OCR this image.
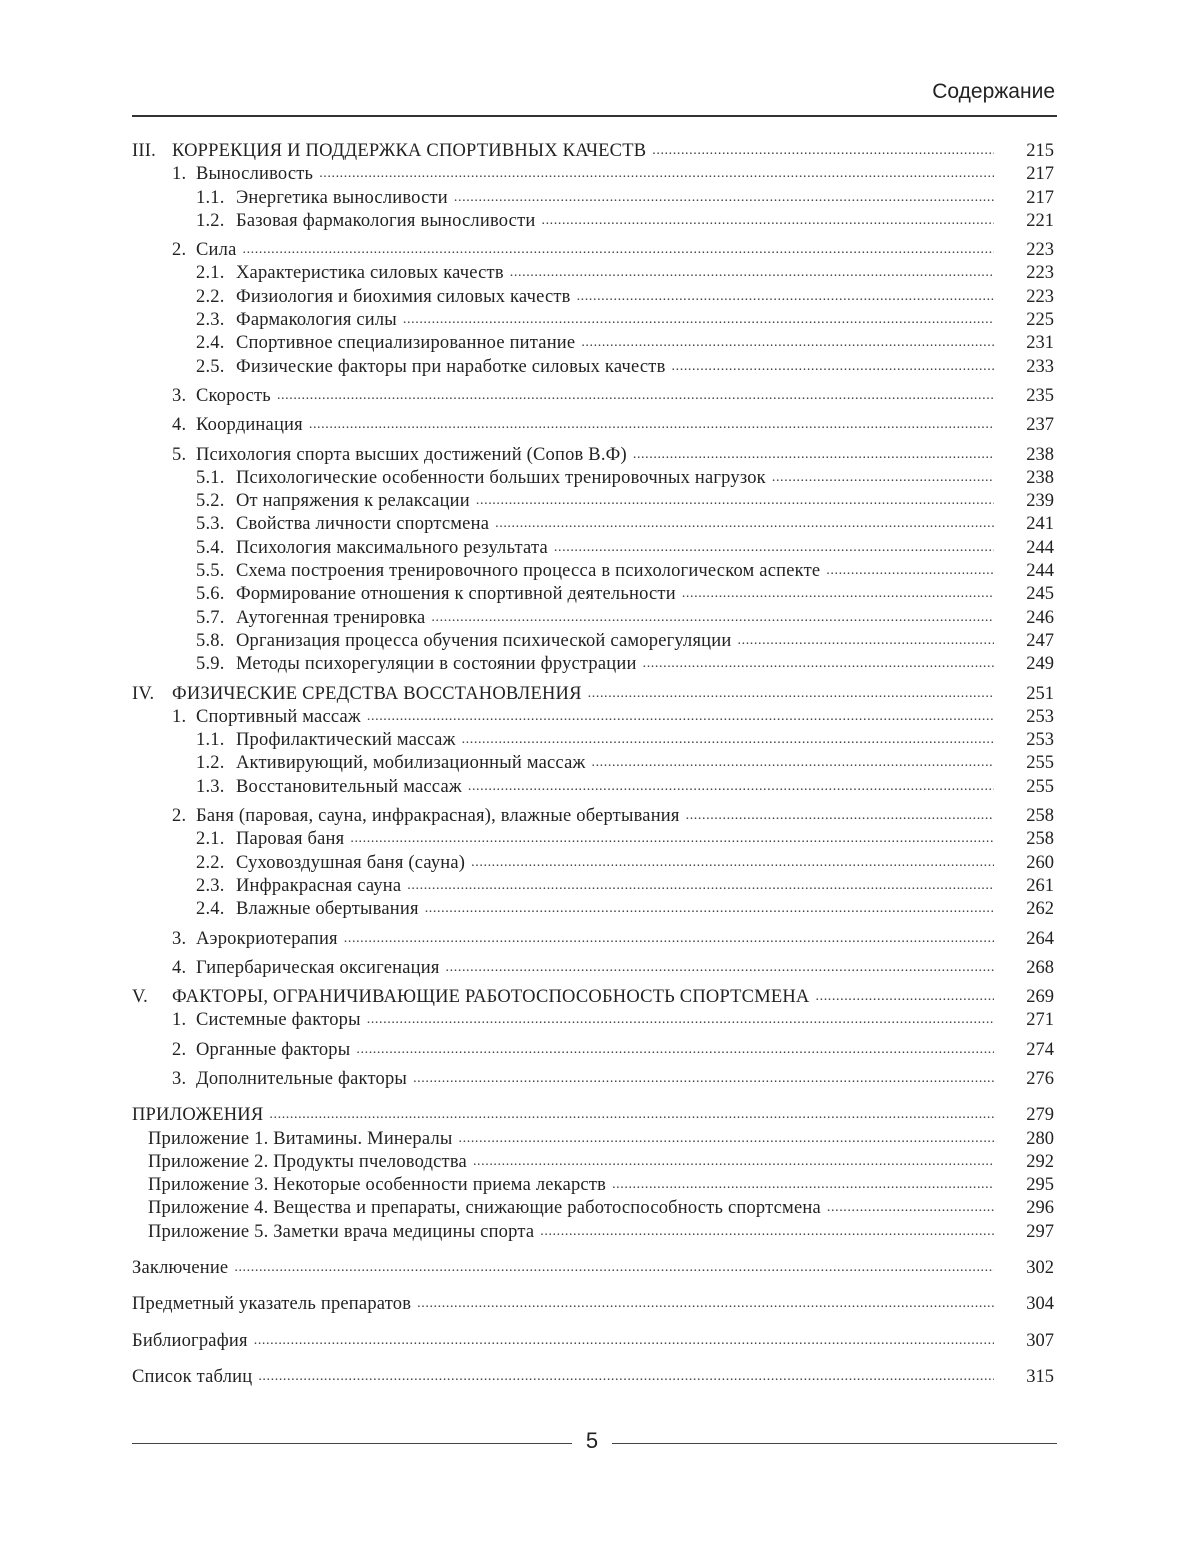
Содержание
III. КОРРЕКЦИЯ И ПОДДЕРЖКА СПОРТИВНЫХ КАЧЕСТВ .....	215
1. Выносливость .....	217
1.1. Энергетика выносливости .....	217
1.2. Базовая фармакология выносливости .....	221
2. Сила .....	223
2.1. Характеристика силовых качеств .....	223
2.2. Физиология и биохимия силовых качеств .....	223
2.3. Фармакология силы .....	225
2.4. Спортивное специализированное питание .....	231
2.5. Физические факторы при наработке силовых качеств .....	233
3. Скорость .....	235
4. Координация .....	237
5. Психология спорта высших достижений (Сопов В.Ф) .....	238
5.1. Психологические особенности больших тренировочных нагрузок .....	238
5.2. От напряжения к релаксации .....	239
5.3. Свойства личности спортсмена .....	241
5.4. Психология максимального результата .....	244
5.5. Схема построения тренировочного процесса в психологическом аспекте .....	244
5.6. Формирование отношения к спортивной деятельности .....	245
5.7. Аутогенная тренировка .....	246
5.8. Организация процесса обучения психической саморегуляции .....	247
5.9. Методы психорегуляции в состоянии фрустрации .....	249
IV. ФИЗИЧЕСКИЕ СРЕДСТВА ВОССТАНОВЛЕНИЯ .....	251
1. Спортивный массаж .....	253
1.1. Профилактический массаж .....	253
1.2. Активирующий, мобилизационный массаж .....	255
1.3. Восстановительный массаж .....	255
2. Баня (паровая, сауна, инфракрасная), влажные обертывания .....	258
2.1. Паровая баня .....	258
2.2. Суховоздушная баня (сауна) .....	260
2.3. Инфракрасная сауна .....	261
2.4. Влажные обертывания .....	262
3. Аэрокриотерапия .....	264
4. Гипербарическая оксигенация .....	268
V. ФАКТОРЫ, ОГРАНИЧИВАЮЩИЕ РАБОТОСПОСОБНОСТЬ СПОРТСМЕНА .....	269
1. Системные факторы .....	271
2. Органные факторы .....	274
3. Дополнительные факторы .....	276
ПРИЛОЖЕНИЯ .....	279
Приложение 1. Витамины. Минералы .....	280
Приложение 2. Продукты пчеловодства .....	292
Приложение 3. Некоторые особенности приема лекарств .....	295
Приложение 4. Вещества и препараты, снижающие работоспособность спортсмена .....	296
Приложение 5. Заметки врача медицины спорта .....	297
Заключение .....	302
Предметный указатель препаратов .....	304
Библиография .....	307
Список таблиц .....	315
5
